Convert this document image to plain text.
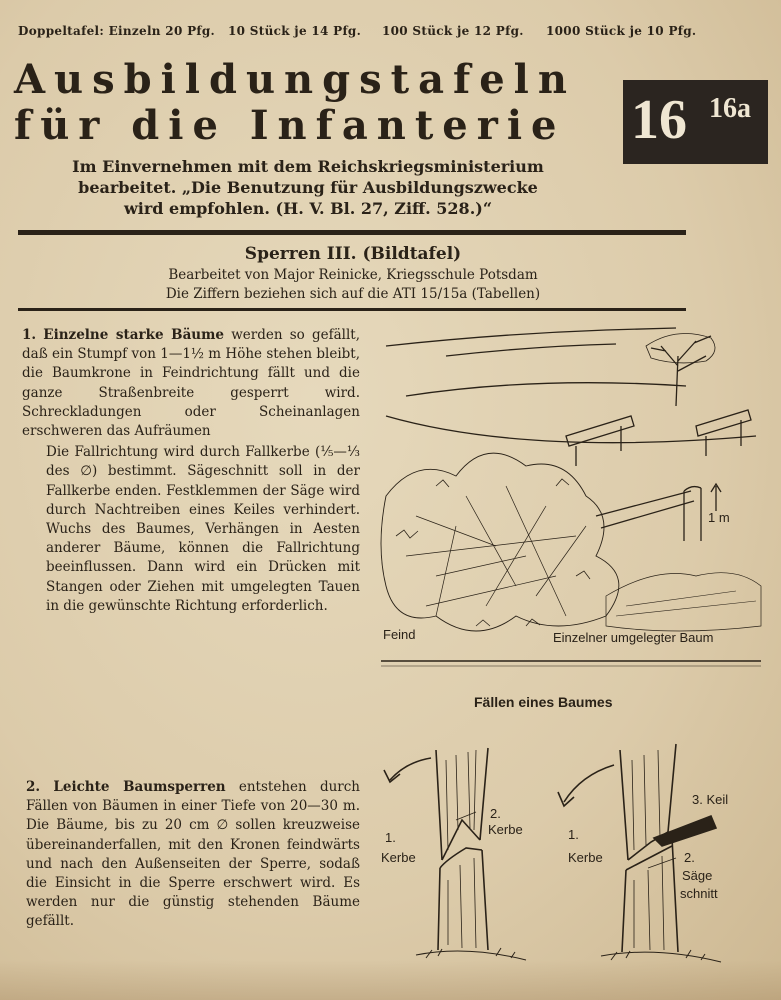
Doppeltafel: Einzeln 20 Pfg. 10 Stück je 14 Pfg. 100 Stück je 12 Pfg. 1000 Stück je 10 Pfg.
Ausbildungstafeln
für die Infanterie 16 16a
Im Einvernehmen mit dem Reichskriegsministerium
bearbeitet. „Die Benutzung für Ausbildungszwecke
wird empfohlen. (H. V. Bl. 27, Ziff. 528.)“
Sperren III. (Bildtafel)
Bearbeitet von Major Reinicke, Kriegsschule Potsdam
Die Ziffern beziehen sich auf die ATI 15/15a (Tabellen)
1. Einzelne starke Bäume werden so gefällt, daß ein Stumpf von 1—1½ m Höhe stehen bleibt, die Baumkrone in Feindrichtung fällt und die ganze Straßenbreite gesperrt wird. Schreckladungen oder Scheinanlagen erschweren das Aufräumen
Die Fallrichtung wird durch Fallkerbe (⅕—⅓ des ∅) bestimmt. Sägeschnitt soll in der Fallkerbe enden. Festklemmen der Säge wird durch Nachtreiben eines Keiles verhindert. Wuchs des Baumes, Verhängen in Aesten anderer Bäume, können die Fallrichtung beeinflussen. Dann wird ein Drücken mit Stangen oder Ziehen mit umgelegten Tauen in die gewünschte Richtung erforderlich.
1 m
Feind	Einzelner umgelegter Baum
Fällen eines Baumes
2. Leichte Baumsperren entstehen durch Fällen von Bäumen in einer Tiefe von 20—30 m. Die Bäume, bis zu 20 cm ∅ sollen kreuzweise übereinanderfallen, mit den Kronen feindwärts und nach den Außenseiten der Sperre, sodaß die Einsicht in die Sperre erschwert wird. Es werden nur die günstig stehenden Bäume gefällt.
1.
Kerbe
2.
Kerbe	1.
Kerbe
3. Keil
2.
Säge
schnitt
